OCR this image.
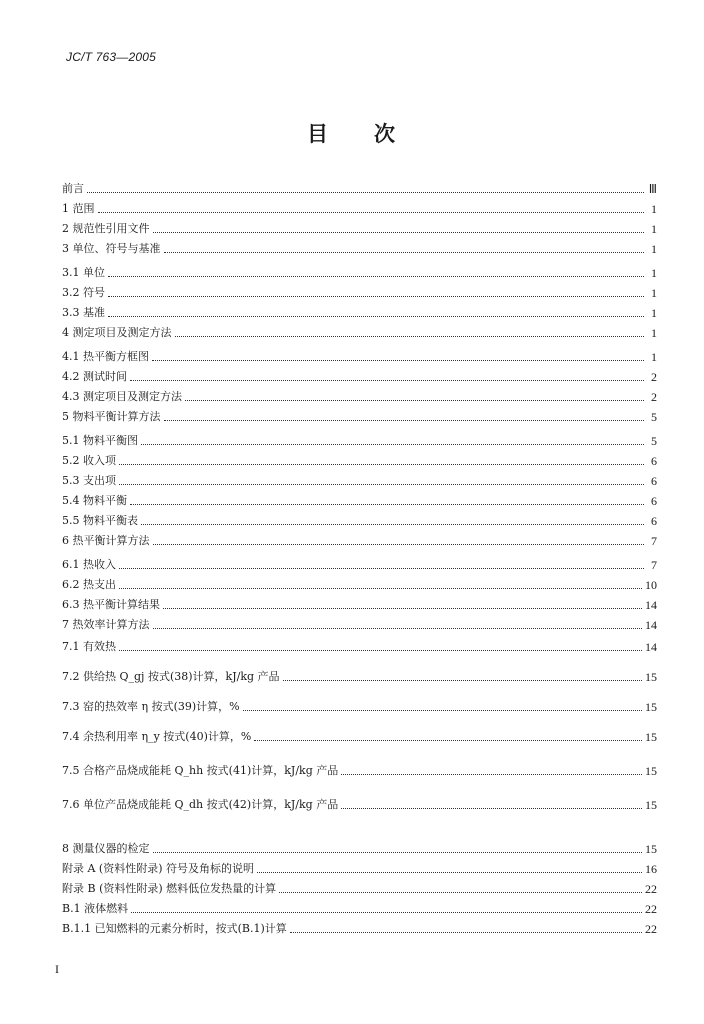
JC/T 763—2005
目 次
前言	Ⅲ
1 范围	1
2 规范性引用文件	1
3 单位、符号与基准	1
3.1 单位	1
3.2 符号	1
3.3 基准	1
4 测定项目及测定方法	1
4.1 热平衡方框图	1
4.2 测试时间	2
4.3 测定项目及测定方法	2
5 物料平衡计算方法	5
5.1 物料平衡图	5
5.2 收入项	6
5.3 支出项	6
5.4 物料平衡	6
5.5 物料平衡表	6
6 热平衡计算方法	7
6.1 热收入	7
6.2 热支出	10
6.3 热平衡计算结果	14
7 热效率计算方法	14
7.1 有效热	14
7.2 供给热 Q_gj 按式(38)计算，kJ/kg 产品	15
7.3 窑的热效率 η 按式(39)计算，%	15
7.4 余热利用率 η_y 按式(40)计算，%	15
7.5 合格产品烧成能耗 Q_hh 按式(41)计算，kJ/kg 产品	15
7.6 单位产品烧成能耗 Q_dh 按式(42)计算，kJ/kg 产品	15
8 测量仪器的检定	15
附录 A (资料性附录) 符号及角标的说明	16
附录 B (资料性附录) 燃料低位发热量的计算	22
B.1 液体燃料	22
B.1.1 已知燃料的元素分析时，按式(B.1)计算	22
I
